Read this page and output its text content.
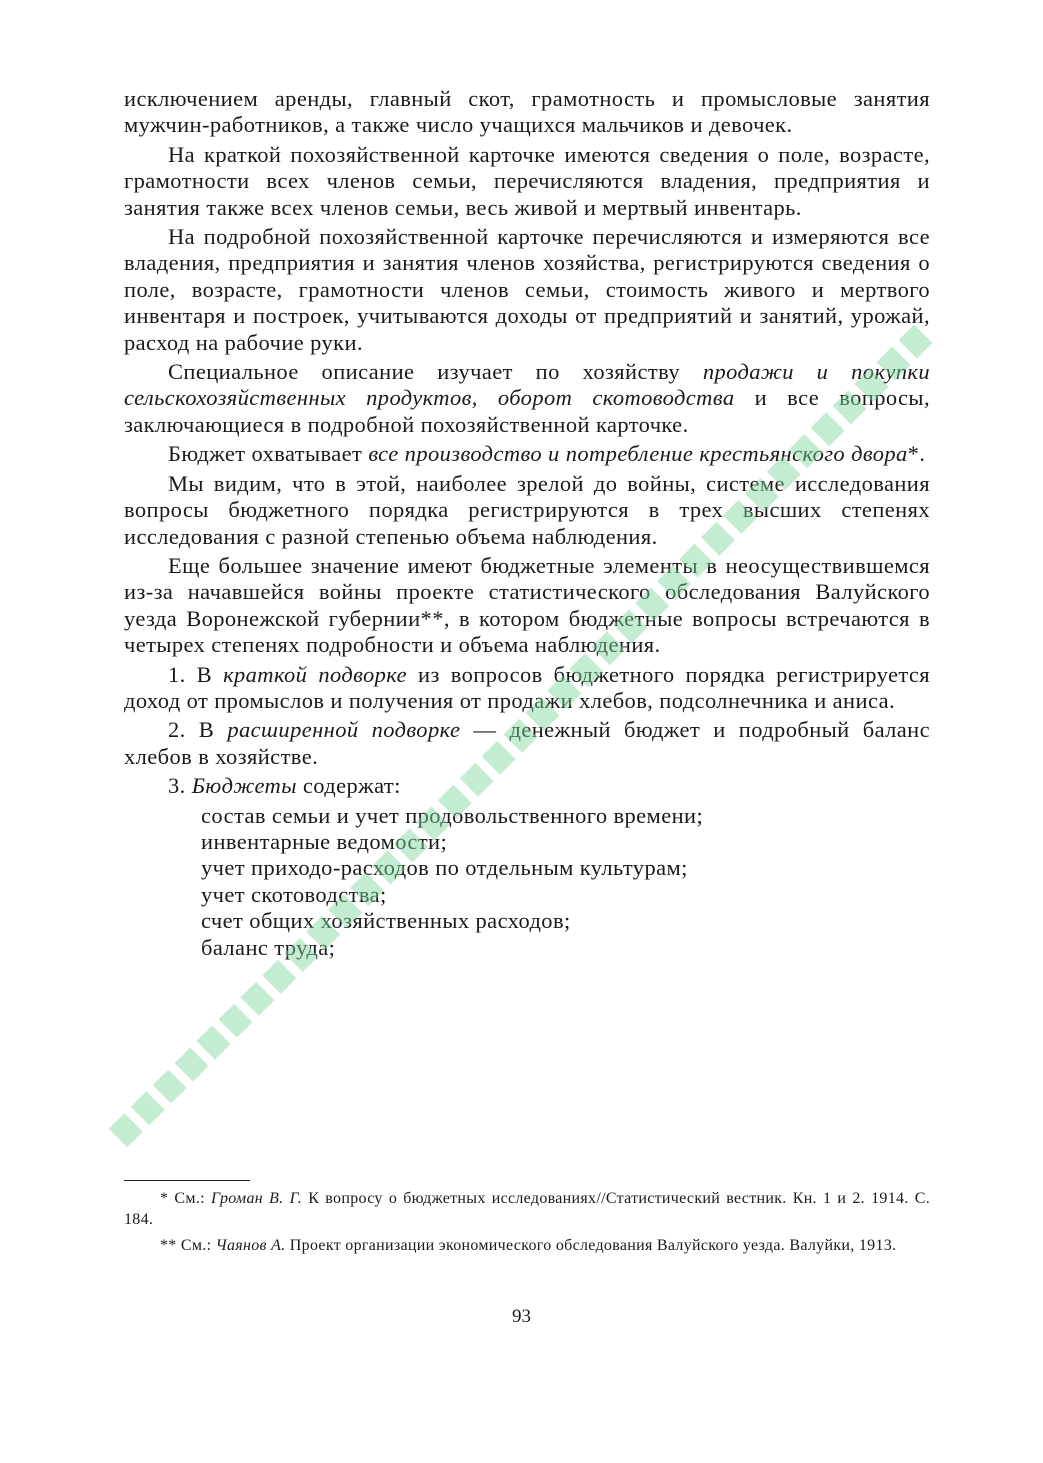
исключением аренды, главный скот, грамотность и промысловые занятия мужчин-работников, а также число учащихся мальчиков и девочек.

На краткой похозяйственной карточке имеются сведения о поле, возрасте, грамотности всех членов семьи, перечисляются владения, предприятия и занятия также всех членов семьи, весь живой и мертвый инвентарь.

На подробной похозяйственной карточке перечисляются и измеряются все владения, предприятия и занятия членов хозяйства, регистрируются сведения о поле, возрасте, грамотности членов семьи, стоимость живого и мертвого инвентаря и построек, учитываются доходы от предприятий и занятий, урожай, расход на рабочие руки.

Специальное описание изучает по хозяйству продажи и покупки сельскохозяйственных продуктов, оборот скотоводства и все вопросы, заключающиеся в подробной похозяйственной карточке.

Бюджет охватывает все производство и потребление крестьянского двора*.

Мы видим, что в этой, наиболее зрелой до войны, системе исследования вопросы бюджетного порядка регистрируются в трех высших степенях исследования с разной степенью объема наблюдения.

Еще большее значение имеют бюджетные элементы в неосуществившемся из-за начавшейся войны проекте статистического обследования Валуйского уезда Воронежской губернии**, в котором бюджетные вопросы встречаются в четырех степенях подробности и объема наблюдения.

1. В краткой подворке из вопросов бюджетного порядка регистрируется доход от промыслов и получения от продажи хлебов, подсолнечника и аниса.

2. В расширенной подворке — денежный бюджет и подробный баланс хлебов в хозяйстве.

3. Бюджеты содержат:

состав семьи и учет продовольственного времени;
инвентарные ведомости;
учет приходо-расходов по отдельным культурам;
учет скотоводства;
счет общих хозяйственных расходов;
баланс труда;

* См.: Громан В. Г. К вопросу о бюджетных исследованиях//Статистический вестник. Кн. 1 и 2. 1914. С. 184.

** См.: Чаянов А. Проект организации экономического обследования Валуйского уезда. Валуйки, 1913.

93
